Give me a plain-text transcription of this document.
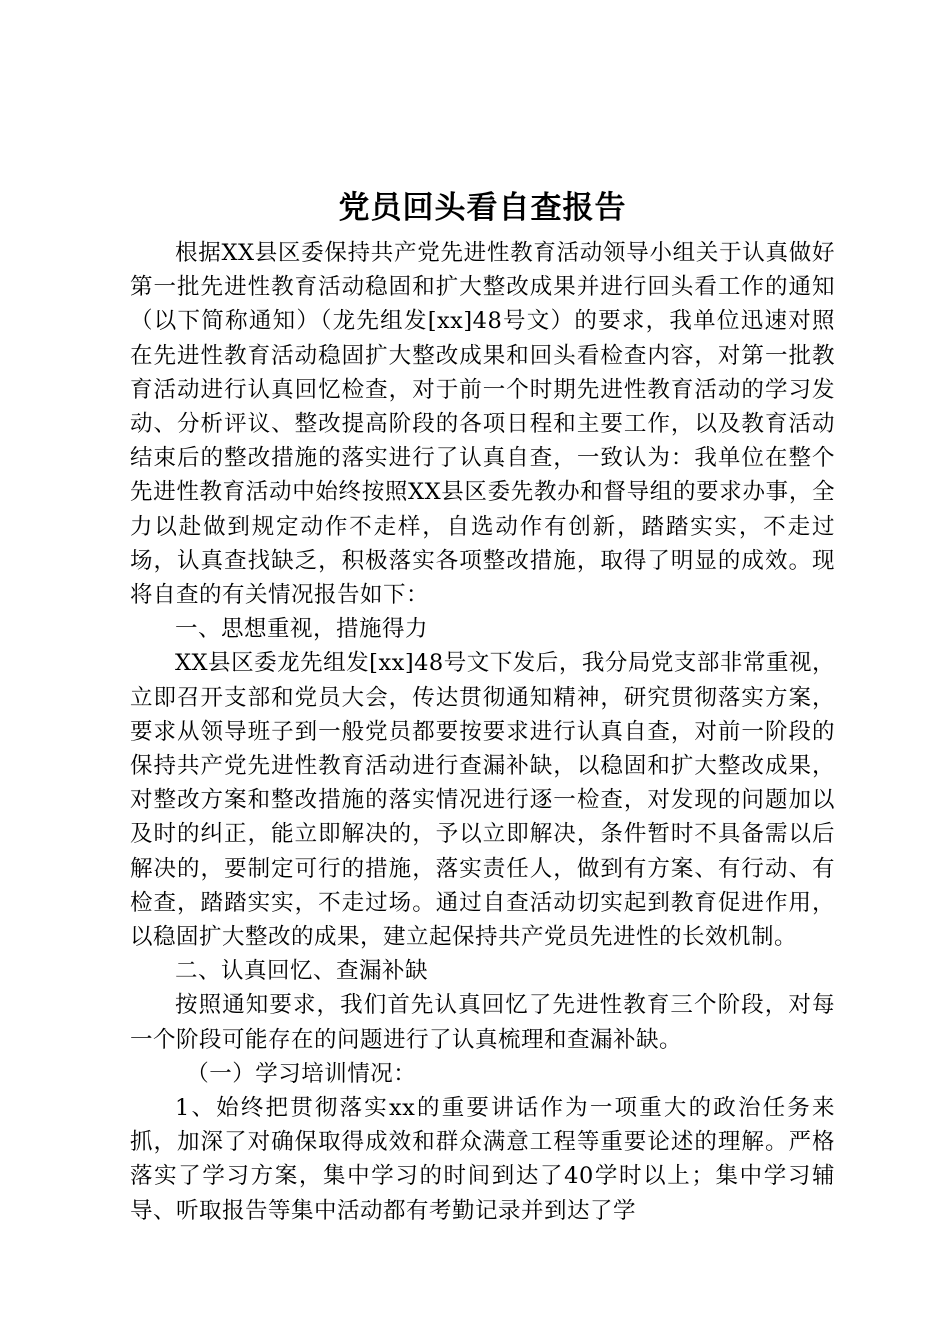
党员回头看自查报告

根据XX县区委保持共产党先进性教育活动领导小组关于认真做好第一批先进性教育活动稳固和扩大整改成果并进行回头看工作的通知（以下简称通知）（龙先组发[xx]48号文）的要求，我单位迅速对照在先进性教育活动稳固扩大整改成果和回头看检查内容，对第一批教育活动进行认真回忆检查，对于前一个时期先进性教育活动的学习发动、分析评议、整改提高阶段的各项日程和主要工作，以及教育活动结束后的整改措施的落实进行了认真自查，一致认为：我单位在整个先进性教育活动中始终按照XX县区委先教办和督导组的要求办事，全力以赴做到规定动作不走样，自选动作有创新，踏踏实实，不走过场，认真查找缺乏，积极落实各项整改措施，取得了明显的成效。现将自查的有关情况报告如下：

一、思想重视，措施得力

XX县区委龙先组发[xx]48号文下发后，我分局党支部非常重视，立即召开支部和党员大会，传达贯彻通知精神，研究贯彻落实方案，要求从领导班子到一般党员都要按要求进行认真自查，对前一阶段的保持共产党先进性教育活动进行查漏补缺，以稳固和扩大整改成果，对整改方案和整改措施的落实情况进行逐一检查，对发现的问题加以及时的纠正，能立即解决的，予以立即解决，条件暂时不具备需以后解决的，要制定可行的措施，落实责任人，做到有方案、有行动、有检查，踏踏实实，不走过场。通过自查活动切实起到教育促进作用，以稳固扩大整改的成果，建立起保持共产党员先进性的长效机制。

二、认真回忆、查漏补缺

按照通知要求，我们首先认真回忆了先进性教育三个阶段，对每一个阶段可能存在的问题进行了认真梳理和查漏补缺。

（一）学习培训情况：

1、始终把贯彻落实xx的重要讲话作为一项重大的政治任务来抓，加深了对确保取得成效和群众满意工程等重要论述的理解。严格落实了学习方案，集中学习的时间到达了40学时以上；集中学习辅导、听取报告等集中活动都有考勤记录并到达了学
